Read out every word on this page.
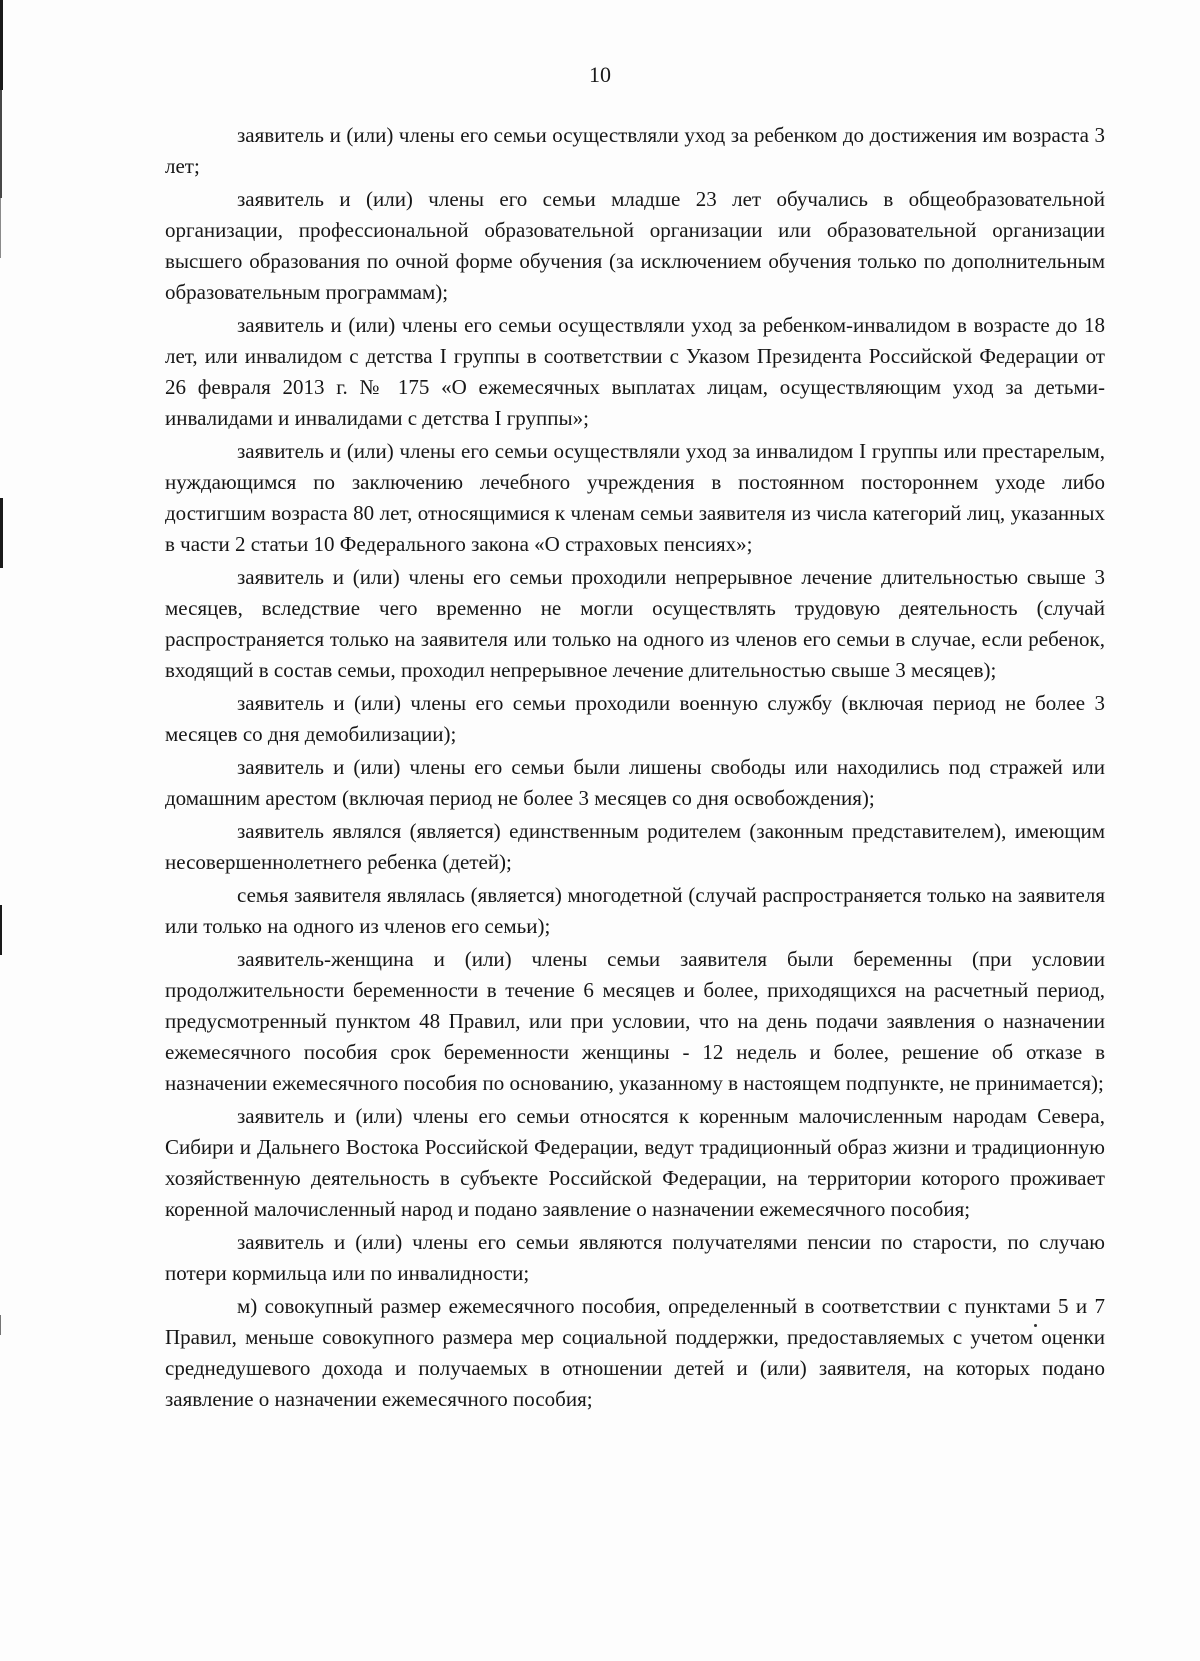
10

заявитель и (или) члены его семьи осуществляли уход за ребенком до достижения им возраста 3 лет;

заявитель и (или) члены его семьи младше 23 лет обучались в общеобразовательной организации, профессиональной образовательной организации или образовательной организации высшего образования по очной форме обучения (за исключением обучения только по дополнительным образовательным программам);

заявитель и (или) члены его семьи осуществляли уход за ребенком-инвалидом в возрасте до 18 лет, или инвалидом с детства I группы в соответствии с Указом Президента Российской Федерации от 26 февраля 2013 г. № 175 «О ежемесячных выплатах лицам, осуществляющим уход за детьми-инвалидами и инвалидами с детства I группы»;

заявитель и (или) члены его семьи осуществляли уход за инвалидом I группы или престарелым, нуждающимся по заключению лечебного учреждения в постоянном постороннем уходе либо достигшим возраста 80 лет, относящимися к членам семьи заявителя из числа категорий лиц, указанных в части 2 статьи 10 Федерального закона «О страховых пенсиях»;

заявитель и (или) члены его семьи проходили непрерывное лечение длительностью свыше 3 месяцев, вследствие чего временно не могли осуществлять трудовую деятельность (случай распространяется только на заявителя или только на одного из членов его семьи в случае, если ребенок, входящий в состав семьи, проходил непрерывное лечение длительностью свыше 3 месяцев);

заявитель и (или) члены его семьи проходили военную службу (включая период не более 3 месяцев со дня демобилизации);

заявитель и (или) члены его семьи были лишены свободы или находились под стражей или домашним арестом (включая период не более 3 месяцев со дня освобождения);

заявитель являлся (является) единственным родителем (законным представителем), имеющим несовершеннолетнего ребенка (детей);

семья заявителя являлась (является) многодетной (случай распространяется только на заявителя или только на одного из членов его семьи);

заявитель-женщина и (или) члены семьи заявителя были беременны (при условии продолжительности беременности в течение 6 месяцев и более, приходящихся на расчетный период, предусмотренный пунктом 48 Правил, или при условии, что на день подачи заявления о назначении ежемесячного пособия срок беременности женщины - 12 недель и более, решение об отказе в назначении ежемесячного пособия по основанию, указанному в настоящем подпункте, не принимается);

заявитель и (или) члены его семьи относятся к коренным малочисленным народам Севера, Сибири и Дальнего Востока Российской Федерации, ведут традиционный образ жизни и традиционную хозяйственную деятельность в субъекте Российской Федерации, на территории которого проживает коренной малочисленный народ и подано заявление о назначении ежемесячного пособия;

заявитель и (или) члены его семьи являются получателями пенсии по старости, по случаю потери кормильца или по инвалидности;

м) совокупный размер ежемесячного пособия, определенный в соответствии с пунктами 5 и 7 Правил, меньше совокупного размера мер социальной поддержки, предоставляемых с учетом оценки среднедушевого дохода и получаемых в отношении детей и (или) заявителя, на которых подано заявление о назначении ежемесячного пособия;
